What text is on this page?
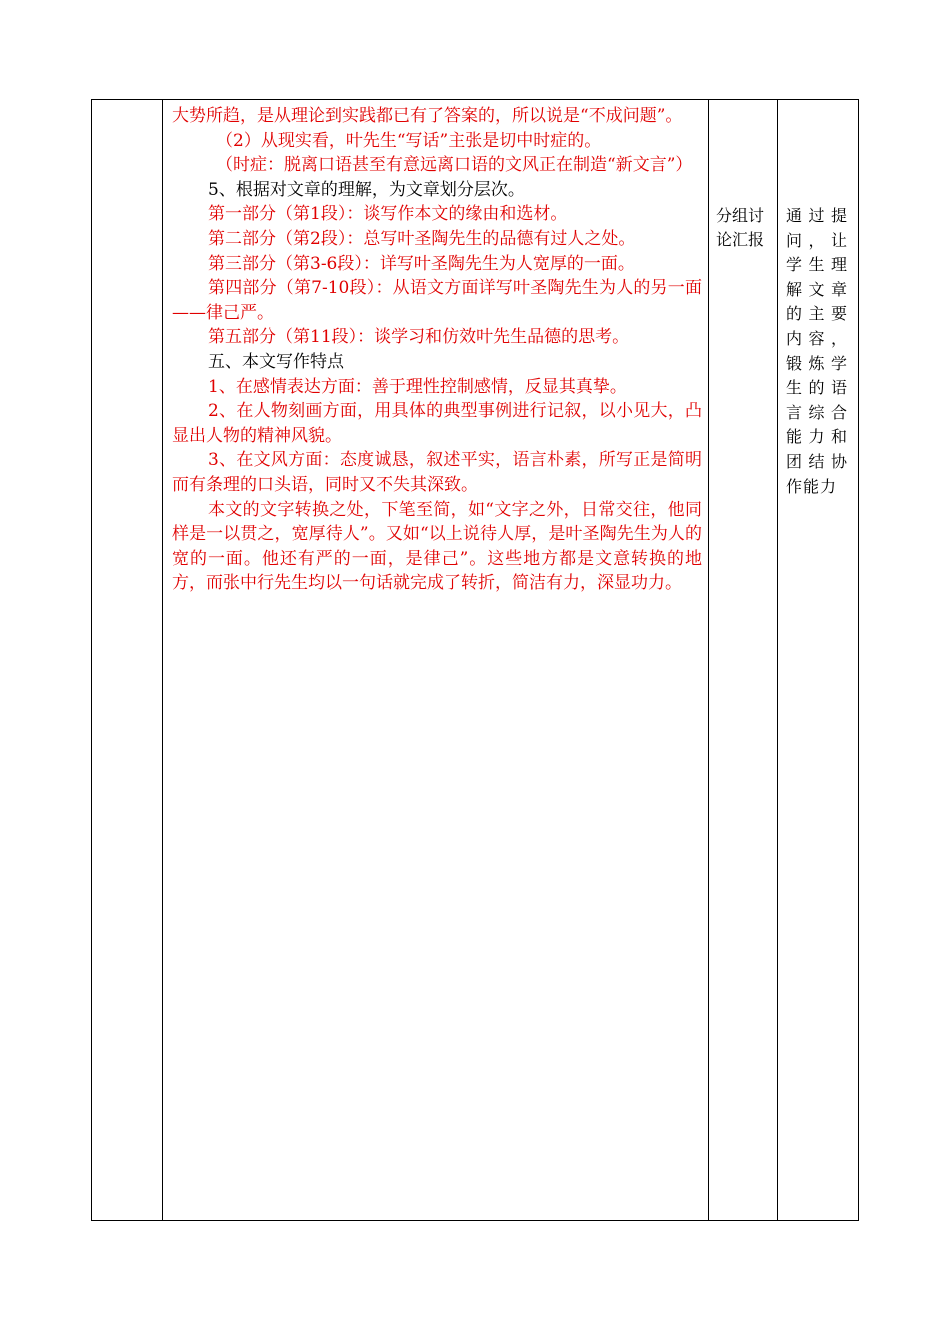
大势所趋，是从理论到实践都已有了答案的，所以说是“不成问题”。

（2）从现实看，叶先生“写话”主张是切中时症的。

（时症：脱离口语甚至有意远离口语的文风正在制造“新文言”）

5、根据对文章的理解，为文章划分层次。

第一部分（第1段）：谈写作本文的缘由和选材。

第二部分（第2段）：总写叶圣陶先生的品德有过人之处。

第三部分（第3-6段）：详写叶圣陶先生为人宽厚的一面。

第四部分（第7-10段）：从语文方面详写叶圣陶先生为人的另一面——律己严。

第五部分（第11段）：谈学习和仿效叶先生品德的思考。

五、本文写作特点

1、在感情表达方面：善于理性控制感情，反显其真挚。

2、在人物刻画方面，用具体的典型事例进行记叙，以小见大，凸显出人物的精神风貌。

3、在文风方面：态度诚恳，叙述平实，语言朴素，所写正是简明而有条理的口头语，同时又不失其深致。

本文的文字转换之处，下笔至简，如“文字之外，日常交往，他同样是一以贯之，宽厚待人”。又如“以上说待人厚，是叶圣陶先生为人的宽的一面。他还有严的一面，是律己”。这些地方都是文意转换的地方，而张中行先生均以一句话就完成了转折，简洁有力，深显功力。

分组讨
论汇报
通过提
问，让
学生理
解文章
的主要
内容，
锻炼学
生的语
言综合
能力和
团结协
作能力
